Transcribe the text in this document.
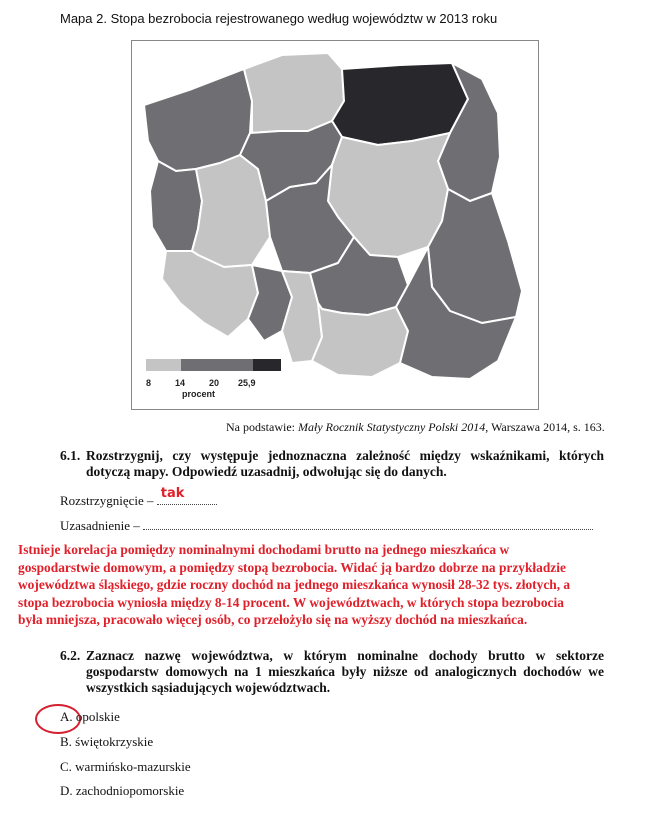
Mapa 2. Stopa bezrobocia rejestrowanego według województw w 2013 roku
8	14	20 25,9
procent
Na podstawie: Mały Rocznik Statystyczny Polski 2014, Warszawa 2014, s. 163.
6.1. Rozstrzygnij, czy występuje jednoznaczna zależność między wskaźnikami, których dotyczą mapy. Odpowiedź uzasadnij, odwołując się do danych.
Rozstrzygnięcie – tak
Uzasadnienie –
Istnieje korelacja pomiędzy nominalnymi dochodami brutto na jednego mieszkańca w
gospodarstwie domowym, a pomiędzy stopą bezrobocia. Widać ją bardzo dobrze na przykładzie
województwa śląskiego, gdzie roczny dochód na jednego mieszkańca wynosił 28-32 tys. złotych, a
stopa bezrobocia wyniosła między 8-14 procent. W województwach, w których stopa bezrobocia
była mniejsza, pracowało więcej osób, co przełożyło się na wyższy dochód na mieszkańca.
6.2. Zaznacz nazwę województwa, w którym nominalne dochody brutto w sektorze gospodarstw domowych na 1 mieszkańca były niższe od analogicznych dochodów we wszystkich sąsiadujących województwach.
A. opolskie
B. świętokrzyskie
C. warmińsko-mazurskie
D. zachodniopomorskie
